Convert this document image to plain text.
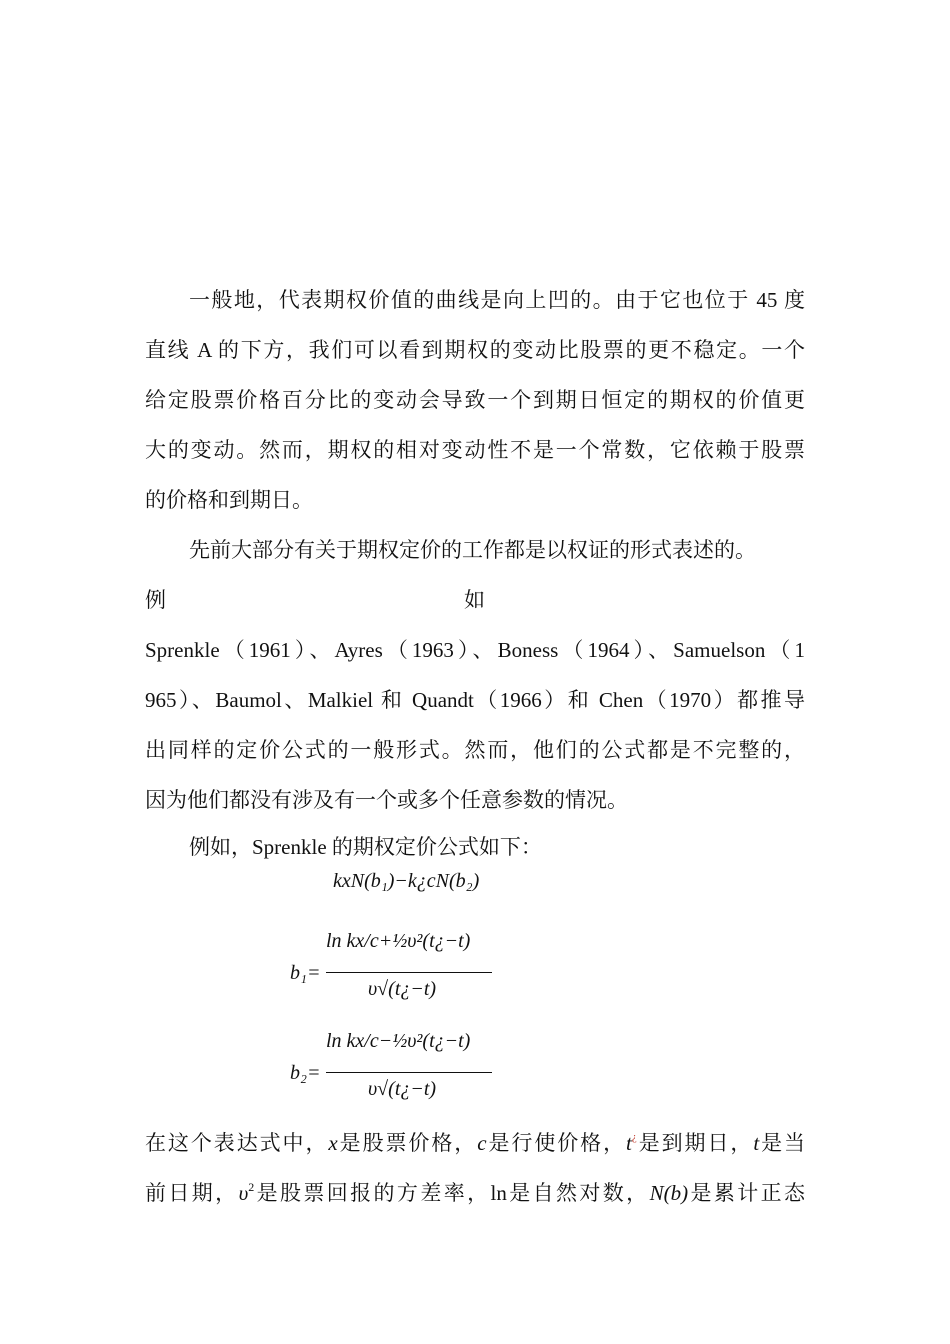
一般地，代表期权价值的曲线是向上凹的。由于它也位于 45 度
直线 A 的下方，我们可以看到期权的变动比股票的更不稳定。一个
给定股票价格百分比的变动会导致一个到期日恒定的期权的价值更
大的变动。然而，期权的相对变动性不是一个常数，它依赖于股票
的价格和到期日。
先前大部分有关于期权定价的工作都是以权证的形式表述的。
例	如
Sprenkle（1961）、Ayres（1963）、Boness（1964）、Samuelson（1
965）、Baumol、Malkiel 和 Quandt（1966）和 Chen（1970）都推导
出同样的定价公式的一般形式。然而，他们的公式都是不完整的，
因为他们都没有涉及有一个或多个任意参数的情况。
例如，Sprenkle 的期权定价公式如下：
kxN(b₁)−k¿cN(b₂)
b₁=
ln kx/c+½υ²(t¿−t)
υ√(t¿−t)
b₂=
ln kx/c−½υ²(t¿−t)
υ√(t¿−t)
在这个表达式中，x是股票价格，c是行使价格，t¿是到期日，t是当
前日期，$\upsilon^2$是股票回报的方差率，ln是自然对数，N(b)是累计正态
